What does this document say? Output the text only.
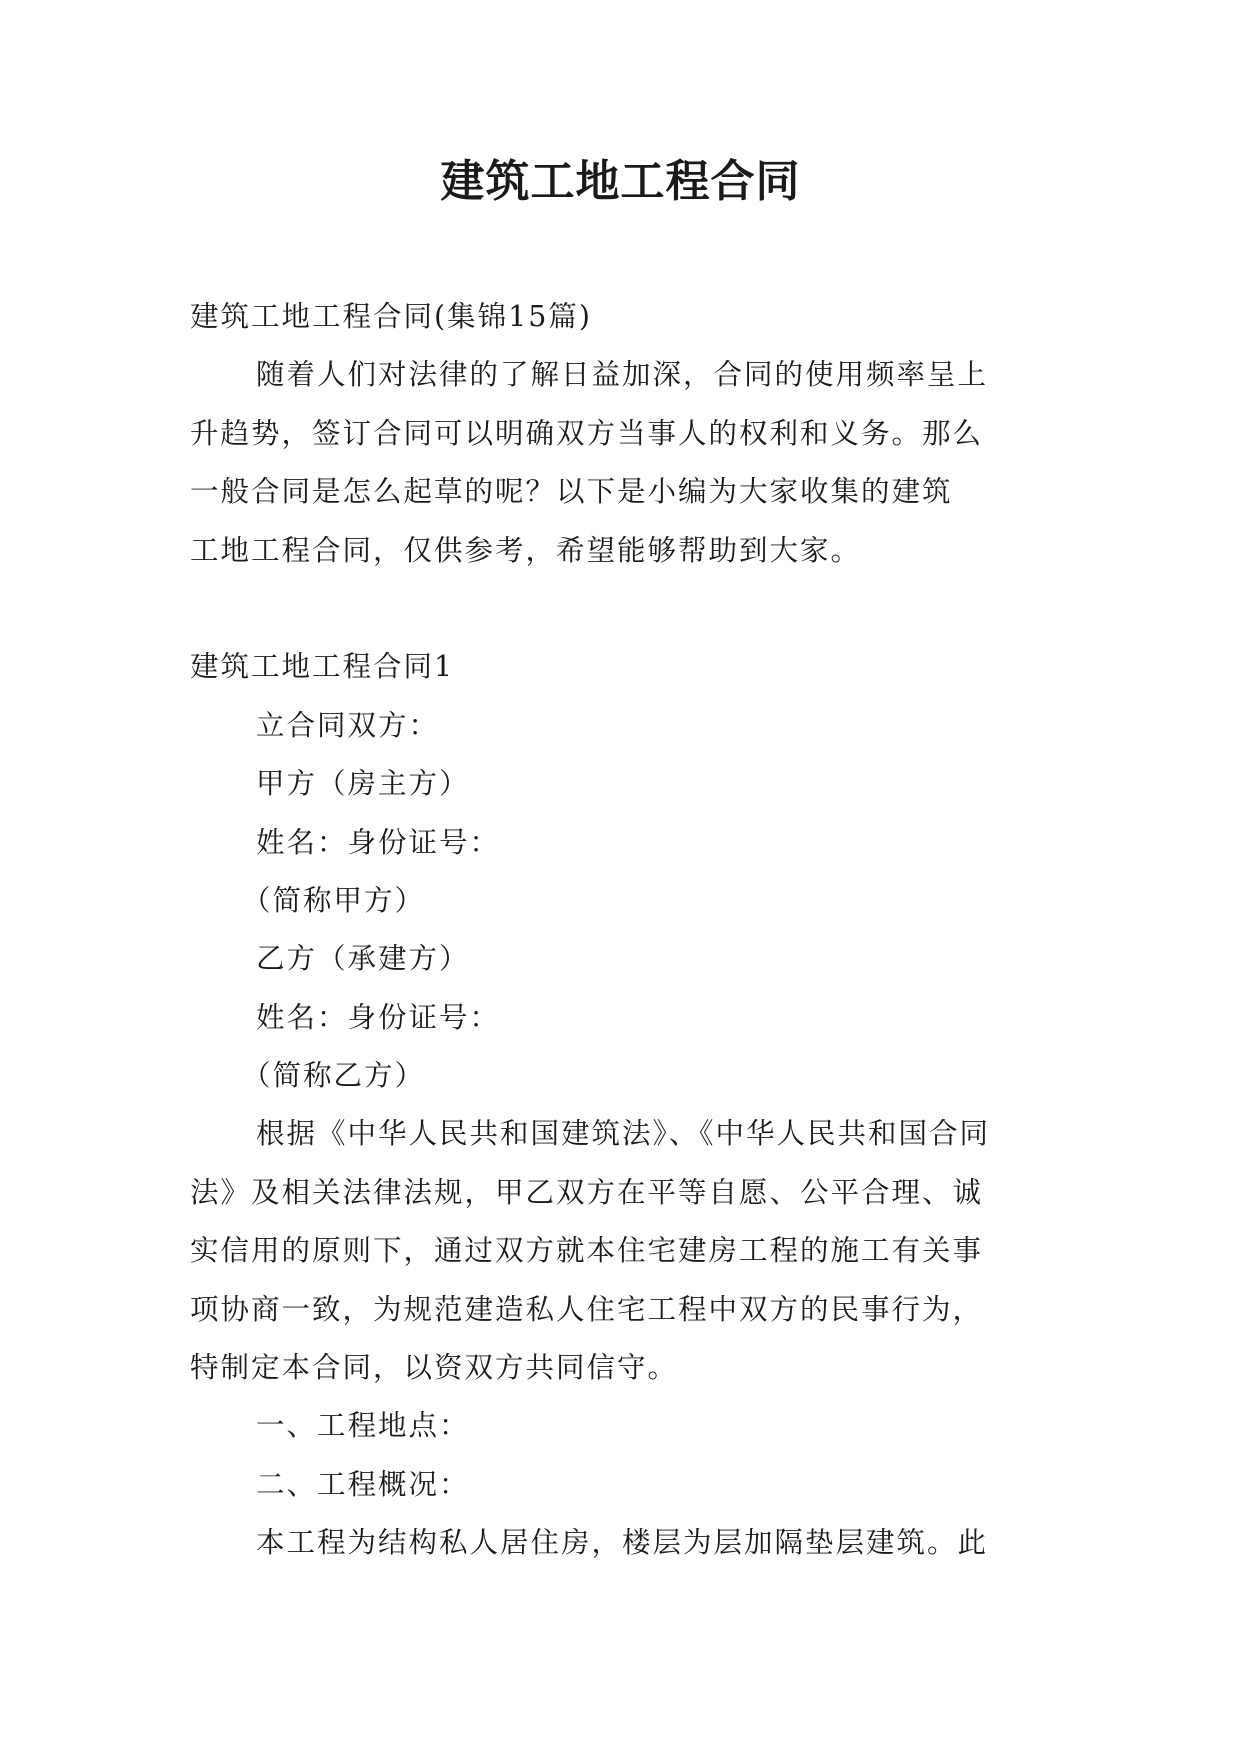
建筑工地工程合同

建筑工地工程合同(集锦15篇)

随着人们对法律的了解日益加深，合同的使用频率呈上

升趋势，签订合同可以明确双方当事人的权利和义务。那么

一般合同是怎么起草的呢？以下是小编为大家收集的建筑

工地工程合同，仅供参考，希望能够帮助到大家。

建筑工地工程合同1

立合同双方：

甲方（房主方）

姓名：身份证号：

（简称甲方）

乙方（承建方）

姓名：身份证号：

（简称乙方）

根据《中华人民共和国建筑法》、《中华人民共和国合同

法》及相关法律法规，甲乙双方在平等自愿、公平合理、诚

实信用的原则下，通过双方就本住宅建房工程的施工有关事

项协商一致，为规范建造私人住宅工程中双方的民事行为，

特制定本合同，以资双方共同信守。

一、工程地点：

二、工程概况：

本工程为结构私人居住房，楼层为层加隔垫层建筑。此
